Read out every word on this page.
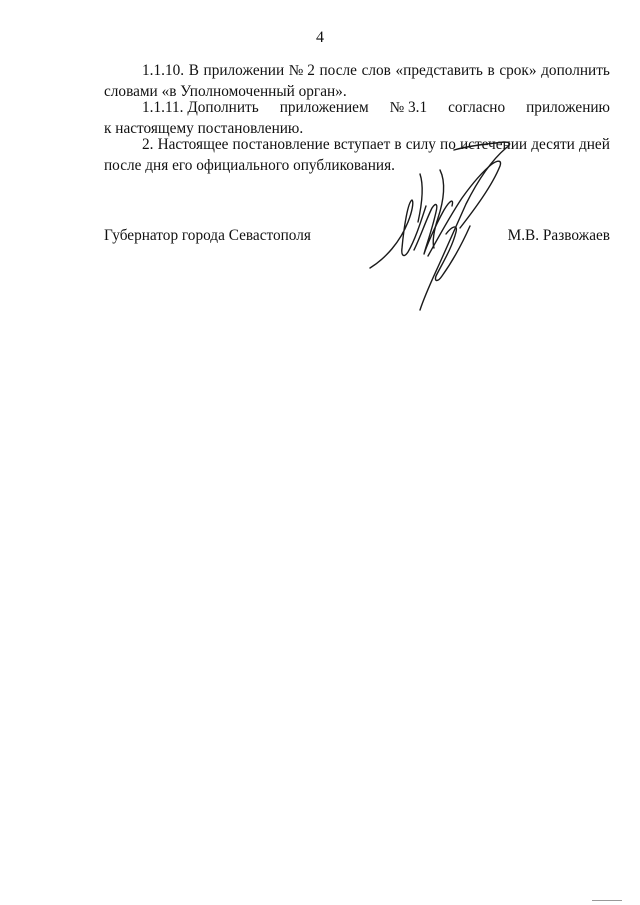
4
1.1.10. В приложении № 2 после слов «представить в срок» дополнить
словами «в Уполномоченный орган».
1.1.11. Дополнить приложением № 3.1 согласно приложению
к настоящему постановлению.
2. Настоящее постановление вступает в силу по истечении десяти дней
после дня его официального опубликования.
Губернатор города Севастополя	М.В. Развожаев
